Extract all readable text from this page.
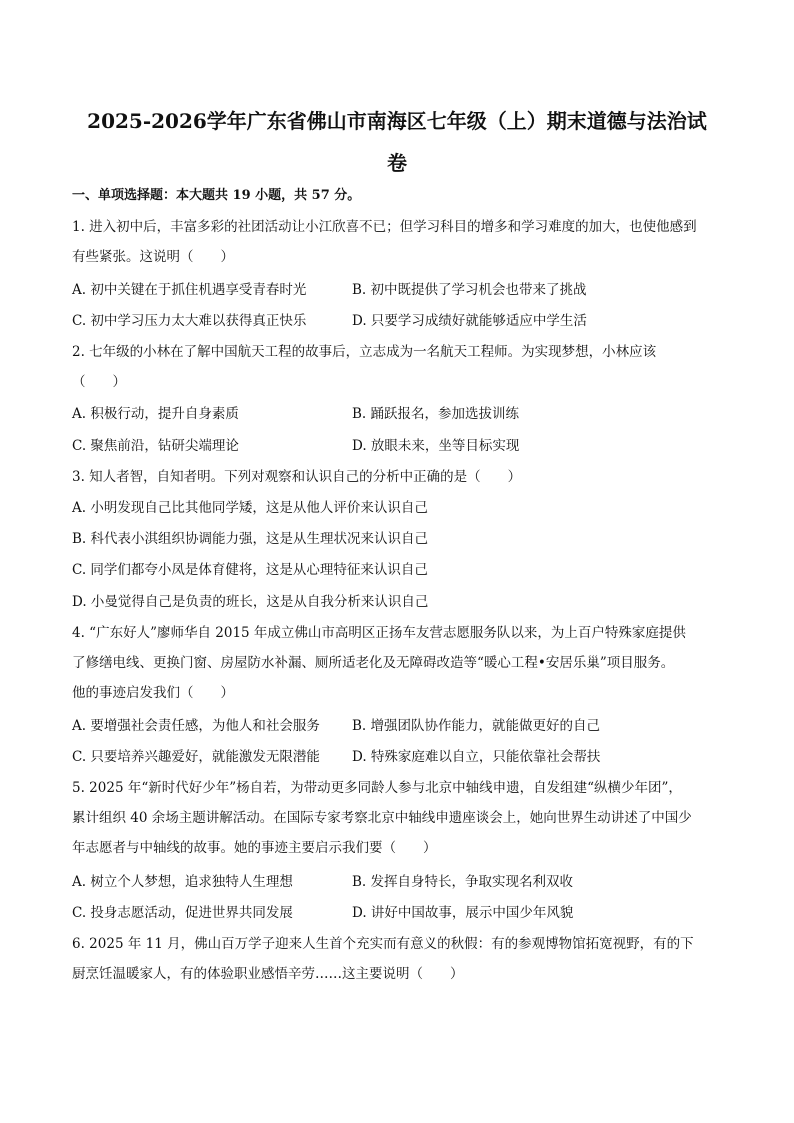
2025-2026学年广东省佛山市南海区七年级（上）期末道德与法治试
卷
一、单项选择题：本大题共 19 小题，共 57 分。
1. 进入初中后，丰富多彩的社团活动让小江欣喜不已；但学习科目的增多和学习难度的加大，也使他感到
有些紧张。这说明（　　）
A. 初中关键在于抓住机遇享受青春时光	B. 初中既提供了学习机会也带来了挑战
C. 初中学习压力太大难以获得真正快乐	D. 只要学习成绩好就能够适应中学生活
2. 七年级的小林在了解中国航天工程的故事后，立志成为一名航天工程师。为实现梦想，小林应该
（　　）
A. 积极行动，提升自身素质	B. 踊跃报名，参加选拔训练
C. 聚焦前沿，钻研尖端理论	D. 放眼未来，坐等目标实现
3. 知人者智，自知者明。下列对观察和认识自己的分析中正确的是（　　）
A. 小明发现自己比其他同学矮，这是从他人评价来认识自己
B. 科代表小淇组织协调能力强，这是从生理状况来认识自己
C. 同学们都夸小凤是体育健将，这是从心理特征来认识自己
D. 小曼觉得自己是负责的班长，这是从自我分析来认识自己
4. “广东好人”廖师华自 2015 年成立佛山市高明区正扬车友营志愿服务队以来，为上百户特殊家庭提供
了修缮电线、更换门窗、房屋防水补漏、厕所适老化及无障碍改造等“暖心工程•安居乐巢”项目服务。
他的事迹启发我们（　　）
A. 要增强社会责任感，为他人和社会服务 B. 增强团队协作能力，就能做更好的自己
C. 只要培养兴趣爱好，就能激发无限潜能 D. 特殊家庭难以自立，只能依靠社会帮扶
5. 2025 年“新时代好少年”杨自若，为带动更多同龄人参与北京中轴线申遗，自发组建“纵横少年团”，
累计组织 40 余场主题讲解活动。在国际专家考察北京中轴线申遗座谈会上，她向世界生动讲述了中国少
年志愿者与中轴线的故事。她的事迹主要启示我们要（　　）
A. 树立个人梦想，追求独特人生理想	B. 发挥自身特长，争取实现名利双收
C. 投身志愿活动，促进世界共同发展	D. 讲好中国故事，展示中国少年风貌
6. 2025 年 11 月，佛山百万学子迎来人生首个充实而有意义的秋假：有的参观博物馆拓宽视野，有的下
厨烹饪温暖家人，有的体验职业感悟辛劳……这主要说明（　　）
